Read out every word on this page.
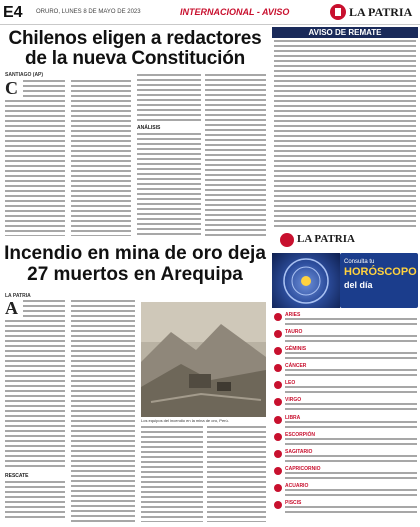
E4 ORURO, LUNES 8 DE MAYO DE 2023	INTERNACIONAL - AVISO	LA PATRIA
Chilenos eligen a redactores de la nueva Constitución
SANTIAGO (AP)
C
ANÁLISIS
Incendio en mina de oro deja 27 muertos en Arequipa
LA PATRIA
A
RESCATE
Los equipos del incendio en la mina de oro, Perú.
AVISO DE REMATE
LA PATRIA
Consulta tu
HORÓSCOPO
del día
ARIES
TAURO
GÉMINIS
CÁNCER
LEO
VIRGO
LIBRA
ESCORPIÓN
SAGITARIO
CAPRICORNIO
ACUARIO
PISCIS
